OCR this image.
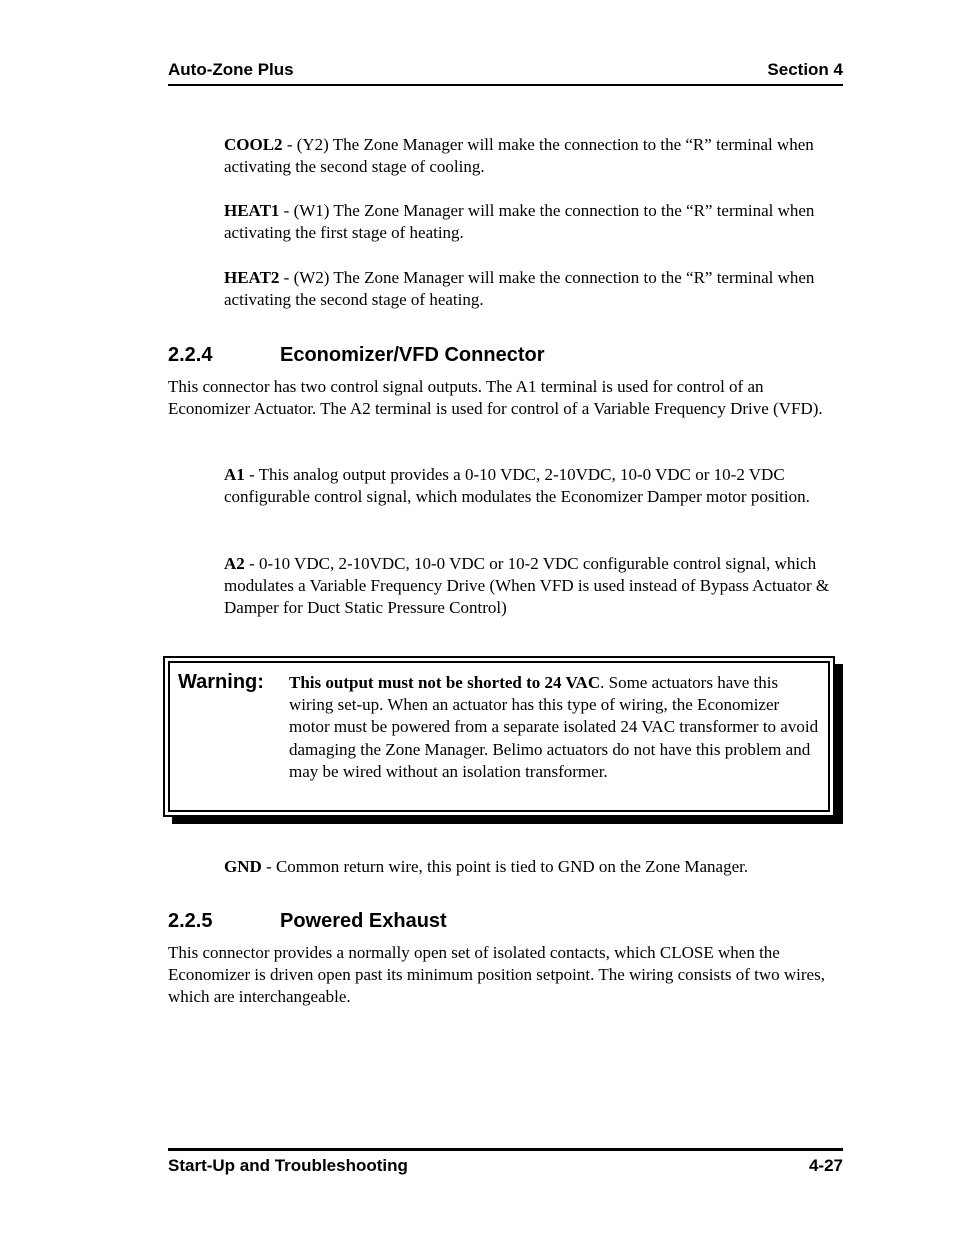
Auto-Zone Plus	Section 4

COOL2 - (Y2) The Zone Manager will make the connection to the “R” terminal when activating the second stage of cooling.

HEAT1 - (W1) The Zone Manager will make the connection to the “R” terminal when activating the first stage of heating.

HEAT2 - (W2) The Zone Manager will make the connection to the “R” terminal when activating the second stage of heating.

2.2.4	Economizer/VFD Connector

This connector has two control signal outputs. The A1 terminal is used for control of an Economizer Actuator. The A2 terminal is used for control of a Variable Frequency Drive (VFD).

A1 - This analog output provides a 0-10 VDC, 2-10VDC, 10-0 VDC or 10-2 VDC configurable control signal, which modulates the Economizer Damper motor position.

A2 - 0-10 VDC, 2-10VDC, 10-0 VDC or 10-2 VDC configurable control signal, which modulates a Variable Frequency Drive (When VFD is used instead of Bypass Actuator & Damper for Duct Static Pressure Control)

Warning: This output must not be shorted to 24 VAC. Some actuators have this wiring set-up. When an actuator has this type of wiring, the Economizer motor must be powered from a separate isolated 24 VAC transformer to avoid damaging the Zone Manager. Belimo actuators do not have this problem and may be wired without an isolation transformer.

GND - Common return wire, this point is tied to GND on the Zone Manager.

2.2.5	Powered Exhaust

This connector provides a normally open set of isolated contacts, which CLOSE when the Economizer is driven open past its minimum position setpoint. The wiring consists of two wires, which are interchangeable.

Start-Up and Troubleshooting	4-27
